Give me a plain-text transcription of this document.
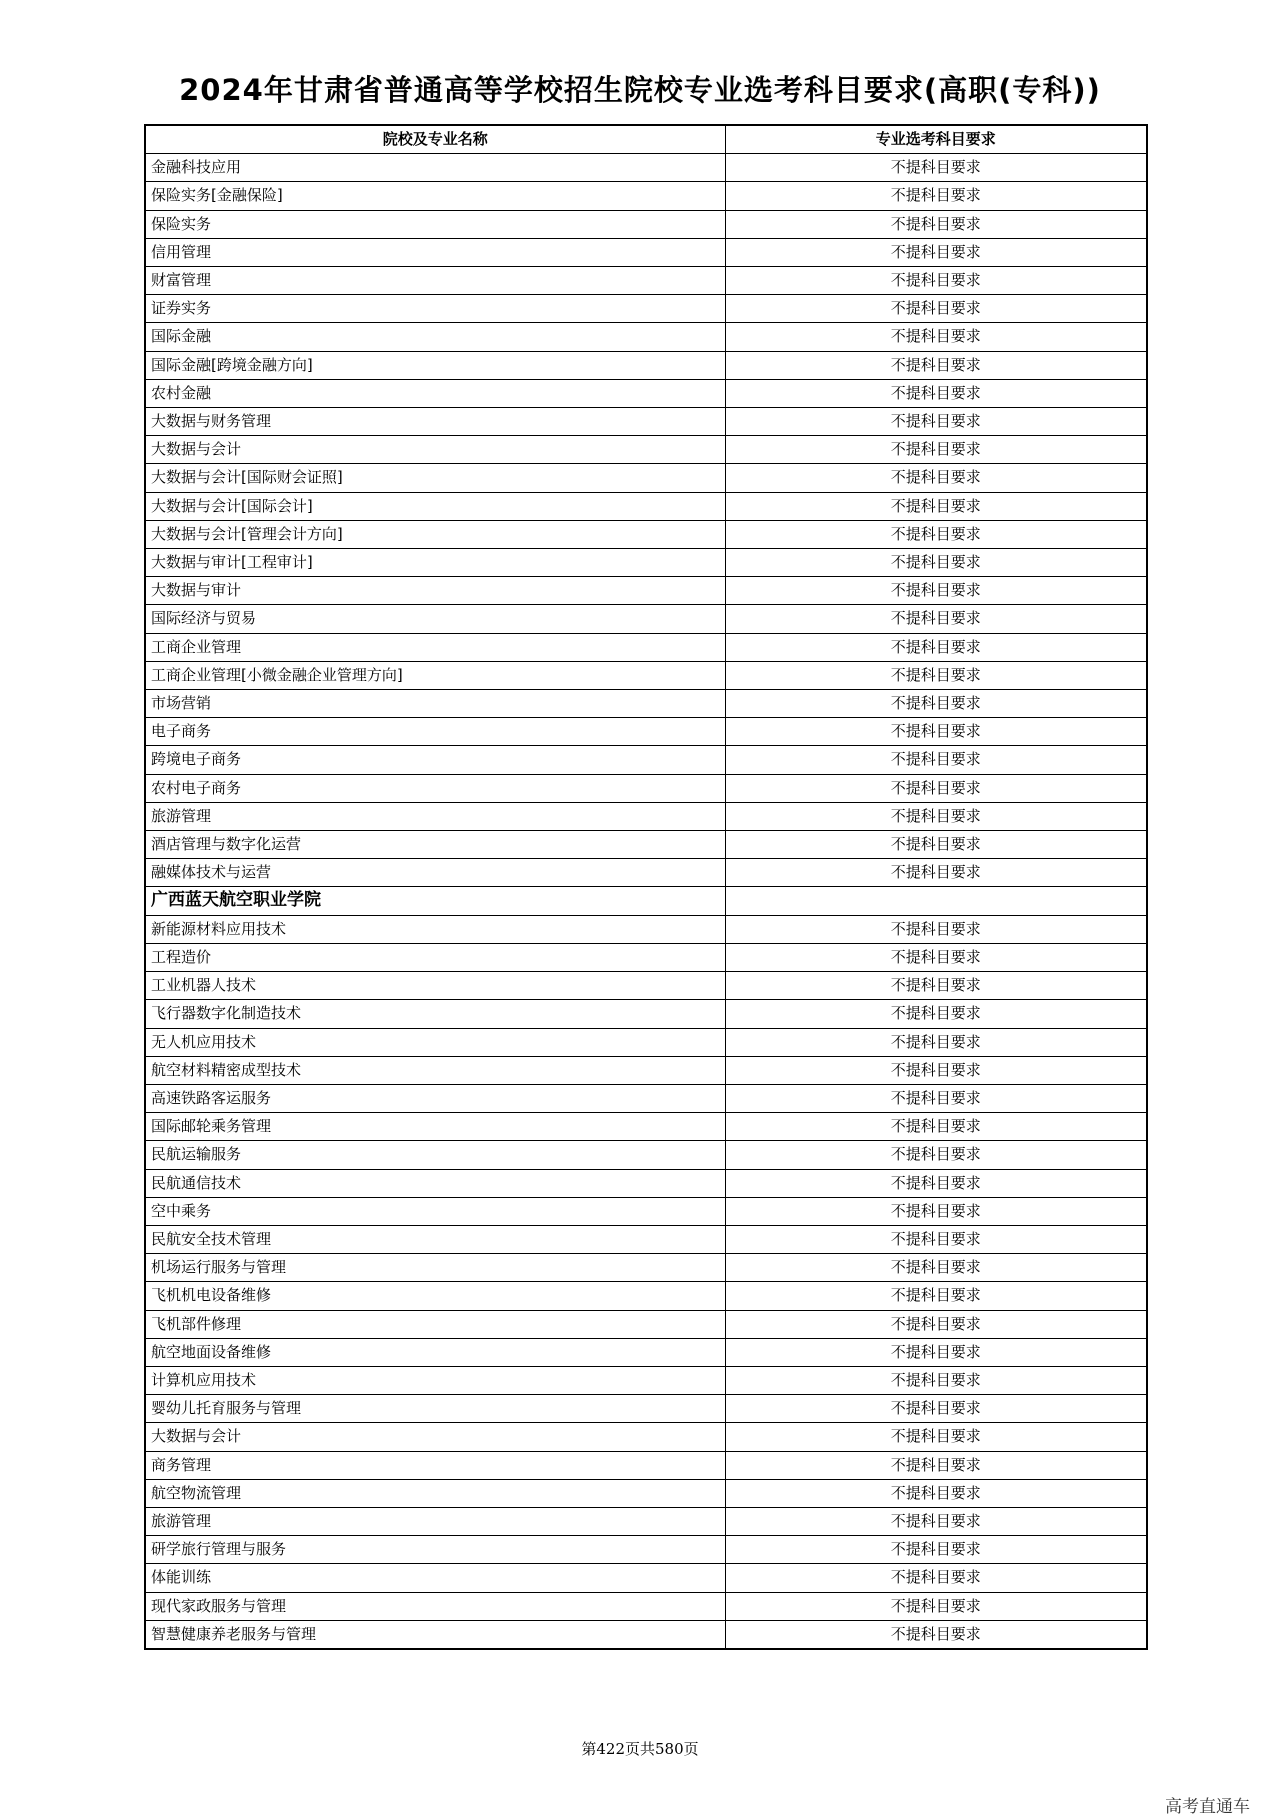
2024年甘肃省普通高等学校招生院校专业选考科目要求(高职(专科))
院校及专业名称	专业选考科目要求
金融科技应用	不提科目要求
保险实务[金融保险]	不提科目要求
保险实务	不提科目要求
信用管理	不提科目要求
财富管理	不提科目要求
证券实务	不提科目要求
国际金融	不提科目要求
国际金融[跨境金融方向]	不提科目要求
农村金融	不提科目要求
大数据与财务管理	不提科目要求
大数据与会计	不提科目要求
大数据与会计[国际财会证照]	不提科目要求
大数据与会计[国际会计]	不提科目要求
大数据与会计[管理会计方向]	不提科目要求
大数据与审计[工程审计]	不提科目要求
大数据与审计	不提科目要求
国际经济与贸易	不提科目要求
工商企业管理	不提科目要求
工商企业管理[小微金融企业管理方向]	不提科目要求
市场营销	不提科目要求
电子商务	不提科目要求
跨境电子商务	不提科目要求
农村电子商务	不提科目要求
旅游管理	不提科目要求
酒店管理与数字化运营	不提科目要求
融媒体技术与运营	不提科目要求
广西蓝天航空职业学院	
新能源材料应用技术	不提科目要求
工程造价	不提科目要求
工业机器人技术	不提科目要求
飞行器数字化制造技术	不提科目要求
无人机应用技术	不提科目要求
航空材料精密成型技术	不提科目要求
高速铁路客运服务	不提科目要求
国际邮轮乘务管理	不提科目要求
民航运输服务	不提科目要求
民航通信技术	不提科目要求
空中乘务	不提科目要求
民航安全技术管理	不提科目要求
机场运行服务与管理	不提科目要求
飞机机电设备维修	不提科目要求
飞机部件修理	不提科目要求
航空地面设备维修	不提科目要求
计算机应用技术	不提科目要求
婴幼儿托育服务与管理	不提科目要求
大数据与会计	不提科目要求
商务管理	不提科目要求
航空物流管理	不提科目要求
旅游管理	不提科目要求
研学旅行管理与服务	不提科目要求
体能训练	不提科目要求
现代家政服务与管理	不提科目要求
智慧健康养老服务与管理	不提科目要求
第422页共580页
高考直通车
